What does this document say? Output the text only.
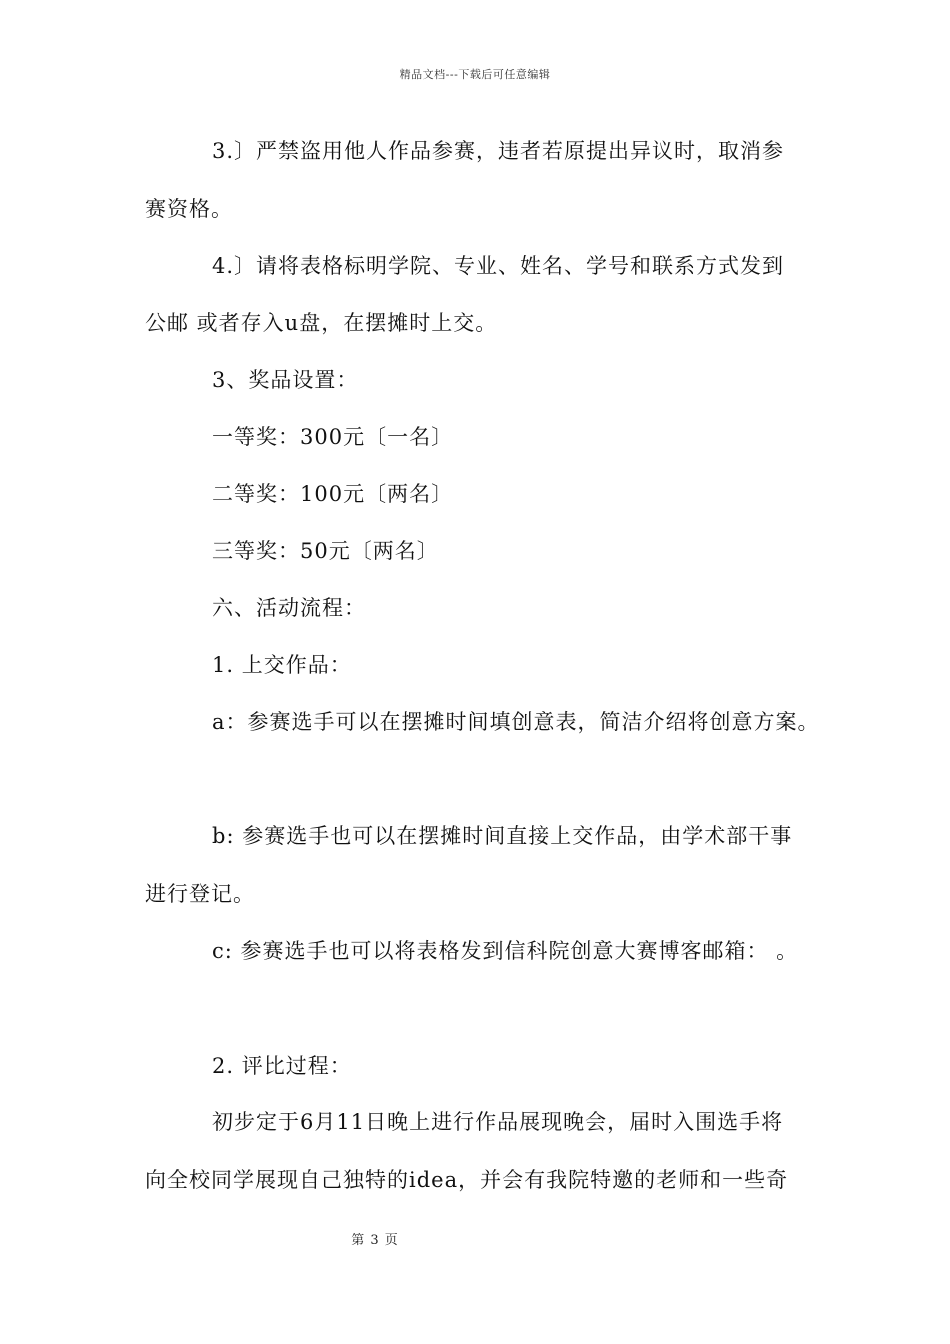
精品文档---下载后可任意编辑
3.〕严禁盗用他人作品参赛，违者若原提出异议时，取消参
赛资格。
4.〕请将表格标明学院、专业、姓名、学号和联系方式发到
公邮 或者存入u盘，在摆摊时上交。
3、奖品设置：
一等奖：300元〔一名〕
二等奖：100元〔两名〕
三等奖：50元〔两名〕
六、活动流程：
1. 上交作品：
a：参赛选手可以在摆摊时间填创意表，简洁介绍将创意方案。
b: 参赛选手也可以在摆摊时间直接上交作品，由学术部干事
进行登记。
c: 参赛选手也可以将表格发到信科院创意大赛博客邮箱： 。
2. 评比过程：
初步定于6月11日晚上进行作品展现晚会，届时入围选手将
向全校同学展现自己独特的idea，并会有我院特邀的老师和一些奇
第 3 页
